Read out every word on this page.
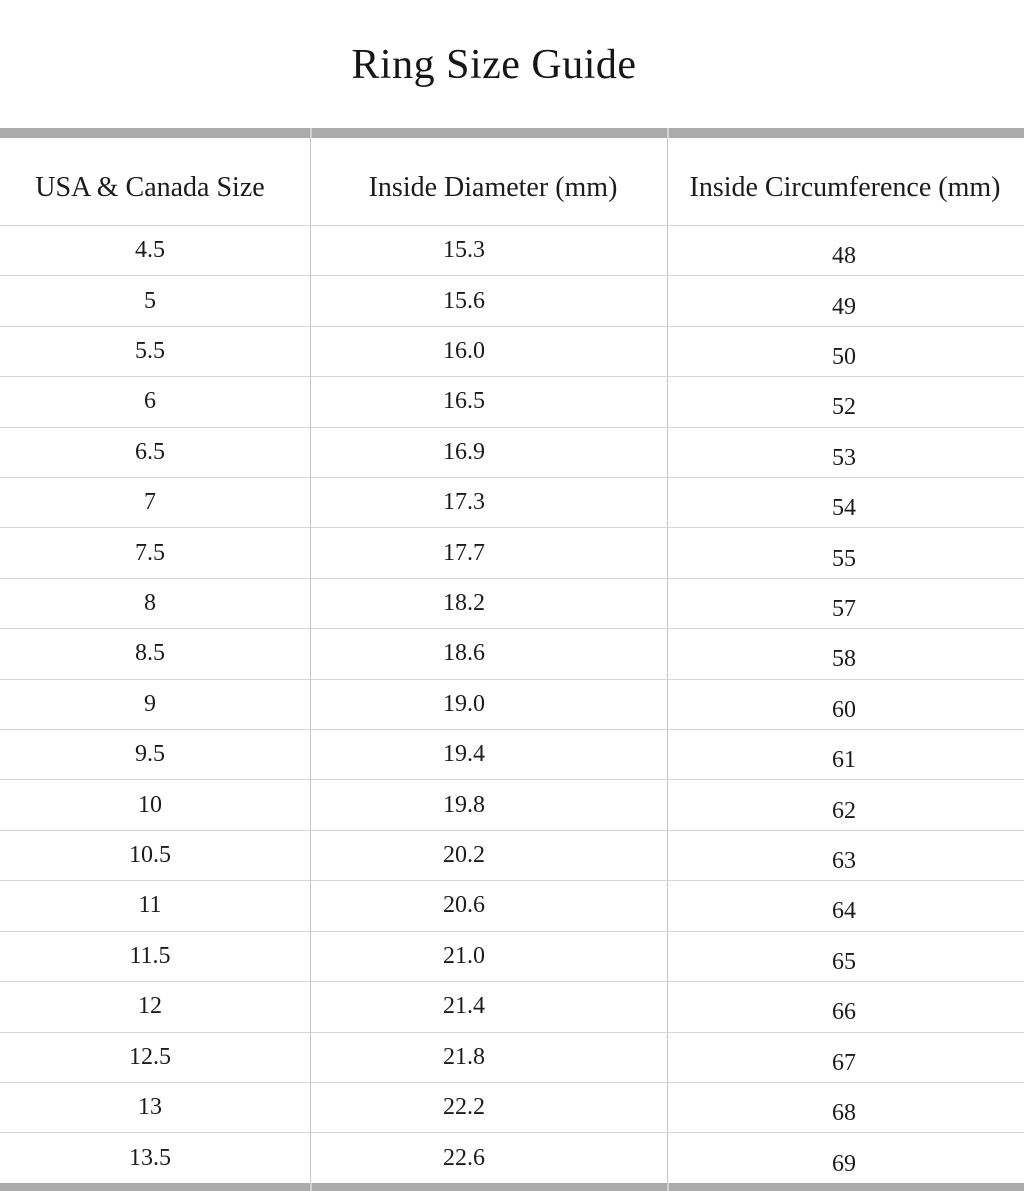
Ring Size Guide
USA & Canada Size	Inside Diameter (mm)	Inside Circumference (mm)
4.5	15.3	48
5	15.6	49
5.5	16.0	50
6	16.5	52
6.5	16.9	53
7	17.3	54
7.5	17.7	55
8	18.2	57
8.5	18.6	58
9	19.0	60
9.5	19.4	61
10	19.8	62
10.5	20.2	63
11	20.6	64
11.5	21.0	65
12	21.4	66
12.5	21.8	67
13	22.2	68
13.5	22.6	69
